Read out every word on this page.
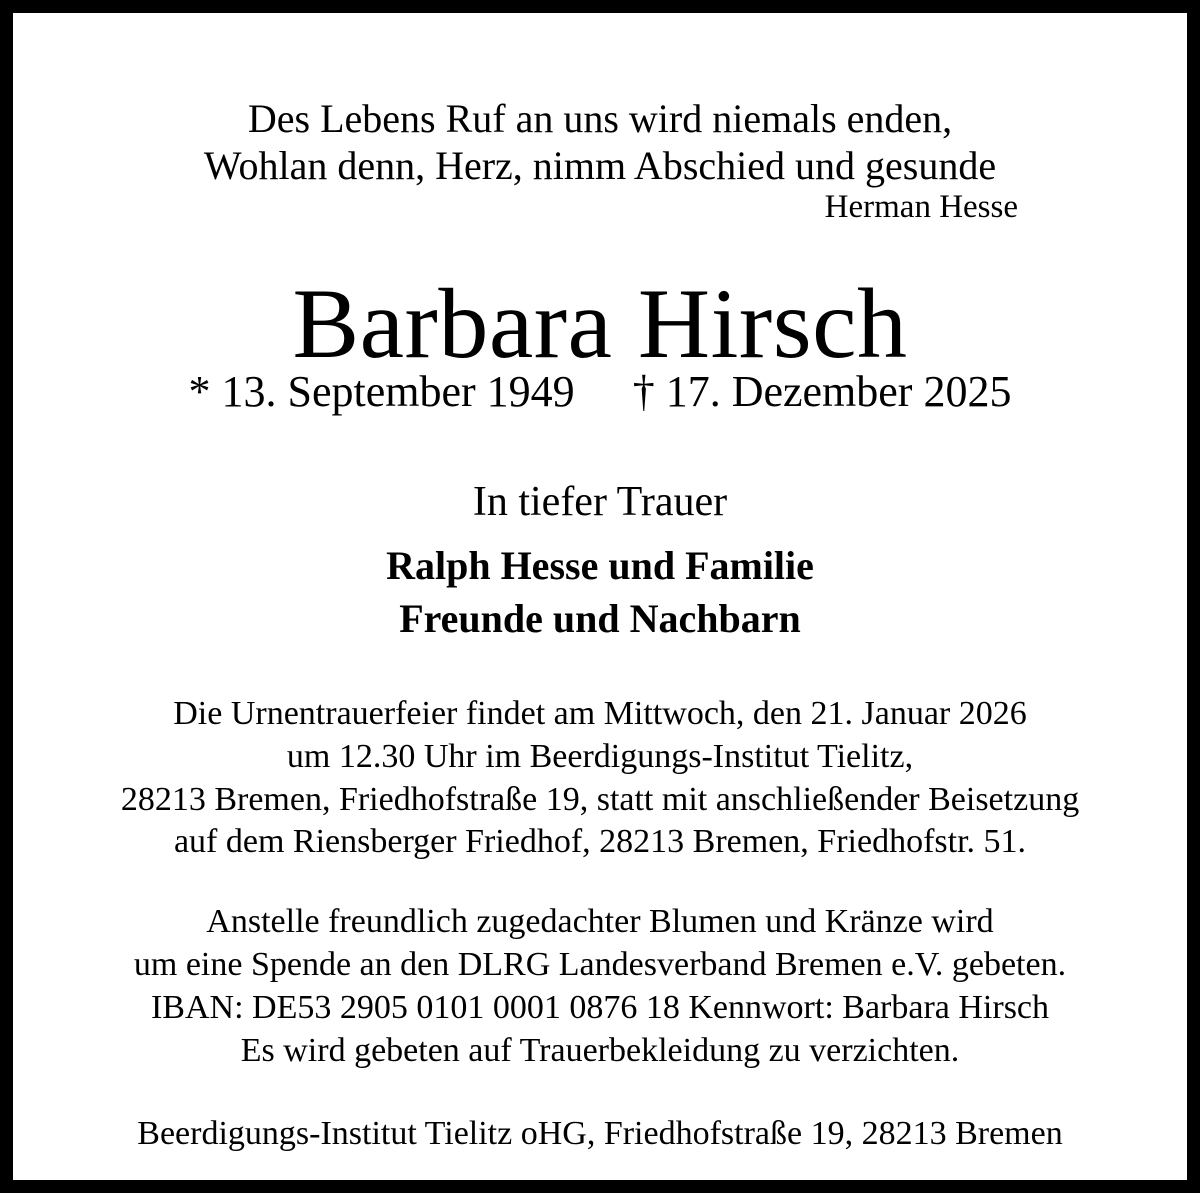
Des Lebens Ruf an uns wird niemals enden,
Wohlan denn, Herz, nimm Abschied und gesunde
Herman Hesse
Barbara Hirsch
* 13. September 1949 † 17. Dezember 2025
In tiefer Trauer
Ralph Hesse und Familie
Freunde und Nachbarn
Die Urnentrauerfeier findet am Mittwoch, den 21. Januar 2026
um 12.30 Uhr im Beerdigungs-Institut Tielitz,
28213 Bremen, Friedhofstraße 19, statt mit anschließender Beisetzung
auf dem Riensberger Friedhof, 28213 Bremen, Friedhofstr. 51.
Anstelle freundlich zugedachter Blumen und Kränze wird
um eine Spende an den DLRG Landesverband Bremen e.V. gebeten.
IBAN: DE53 2905 0101 0001 0876 18 Kennwort: Barbara Hirsch
Es wird gebeten auf Trauerbekleidung zu verzichten.
Beerdigungs-Institut Tielitz oHG, Friedhofstraße 19, 28213 Bremen
